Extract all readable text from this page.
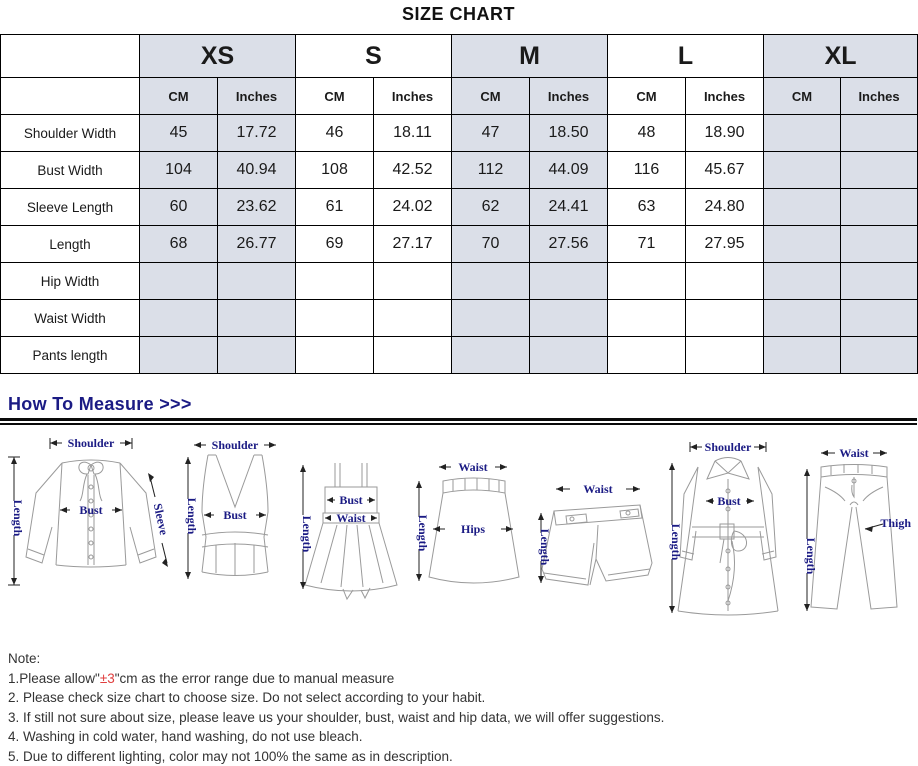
SIZE CHART
	XS		S		M		L		XL	
	CM	Inches	CM	Inches	CM	Inches	CM	Inches	CM	Inches
Shoulder Width	45	17.72	46	18.11	47	18.50	48	18.90		
Bust Width	104	40.94	108	42.52	112	44.09	116	45.67		
Sleeve Length	60	23.62	61	24.02	62	24.41	63	24.80		
Length	68	26.77	69	27.17	70	27.56	71	27.95		
Hip Width										
Waist Width										
Pants length										
How To Measure >>>
Shoulder
Bust
Length	Sleeve
Shoulder
Bust
Length	Bust
Waist
Length
Waist
Hips
Length
Waist
Length
Shoulder
Bust
Length
Waist
Thigh
Length
Note:
1.Please allow"±3"cm as the error range due to manual measure
2. Please check size chart to choose size. Do not select according to your habit.
3. If still not sure about size, please leave us your shoulder, bust, waist and hip data, we will offer suggestions.
4. Washing in cold water, hand washing, do not use bleach.
5. Due to different lighting, color may not 100% the same as in description.
